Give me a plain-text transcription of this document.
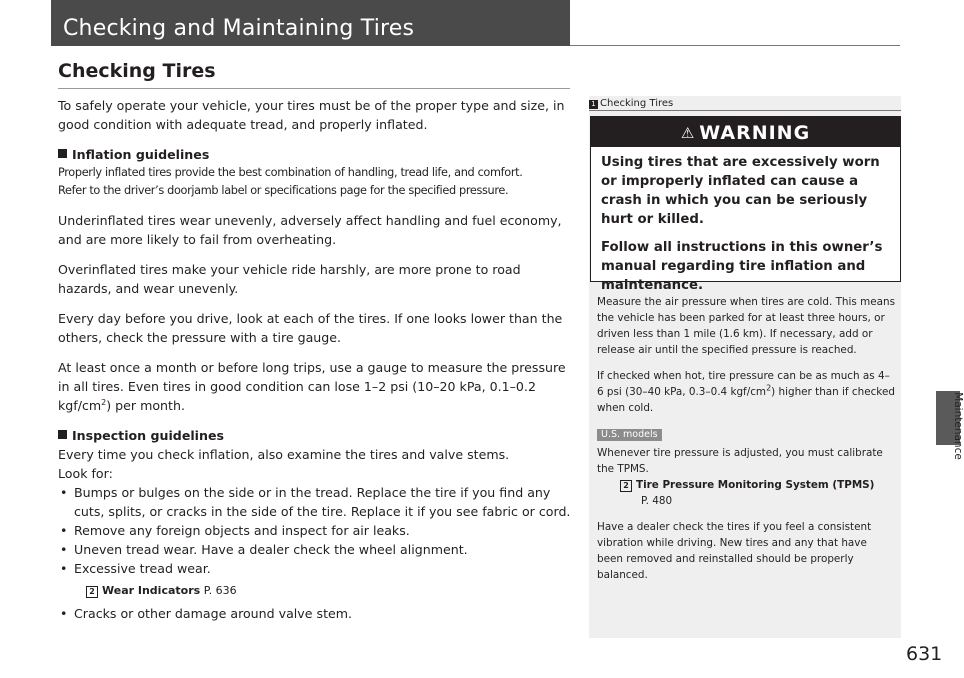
Checking and Maintaining Tires
Checking Tires

To safely operate your vehicle, your tires must be of the proper type and size, in good condition with adequate tread, and properly inflated.

Inflation guidelines
Properly inflated tires provide the best combination of handling, tread life, and comfort.

Refer to the driver’s doorjamb label or specifications page for the specified pressure.

Underinflated tires wear unevenly, adversely affect handling and fuel economy, and are more likely to fail from overheating.

Overinflated tires make your vehicle ride harshly, are more prone to road hazards, and wear unevenly.

Every day before you drive, look at each of the tires. If one looks lower than the others, check the pressure with a tire gauge.

At least once a month or before long trips, use a gauge to measure the pressure in all tires. Even tires in good condition can lose 1–2 psi (10–20 kPa, 0.1–0.2 kgf/$cm^2$) per month.

Inspection guidelines
Every time you check inflation, also examine the tires and valve stems.
Look for:
• Bumps or bulges on the side or in the tread. Replace the tire if you find any cuts, splits, or cracks in the side of the tire. Replace it if you see fabric or cord.
• Remove any foreign objects and inspect for air leaks.
• Uneven tread wear. Have a dealer check the wheel alignment.
• Excessive tread wear.
2 Wear Indicators P. 636
• Cracks or other damage around valve stem.
1 Checking Tires
⚠ WARNING

Using tires that are excessively worn or improperly inflated can cause a crash in which you can be seriously hurt or killed.

Follow all instructions in this owner’s manual regarding tire inflation and maintenance.

Measure the air pressure when tires are cold. This means the vehicle has been parked for at least three hours, or driven less than 1 mile (1.6 km). If necessary, add or release air until the specified pressure is reached.

If checked when hot, tire pressure can be as much as 4–6 psi (30–40 kPa, 0.3–0.4 kgf/$cm^2$) higher than if checked when cold.

U.S. models
Whenever tire pressure is adjusted, you must calibrate the TPMS.
2 Tire Pressure Monitoring System (TPMS)
P. 480

Have a dealer check the tires if you feel a consistent vibration while driving. New tires and any that have been removed and reinstalled should be properly balanced.

Maintenance
631
